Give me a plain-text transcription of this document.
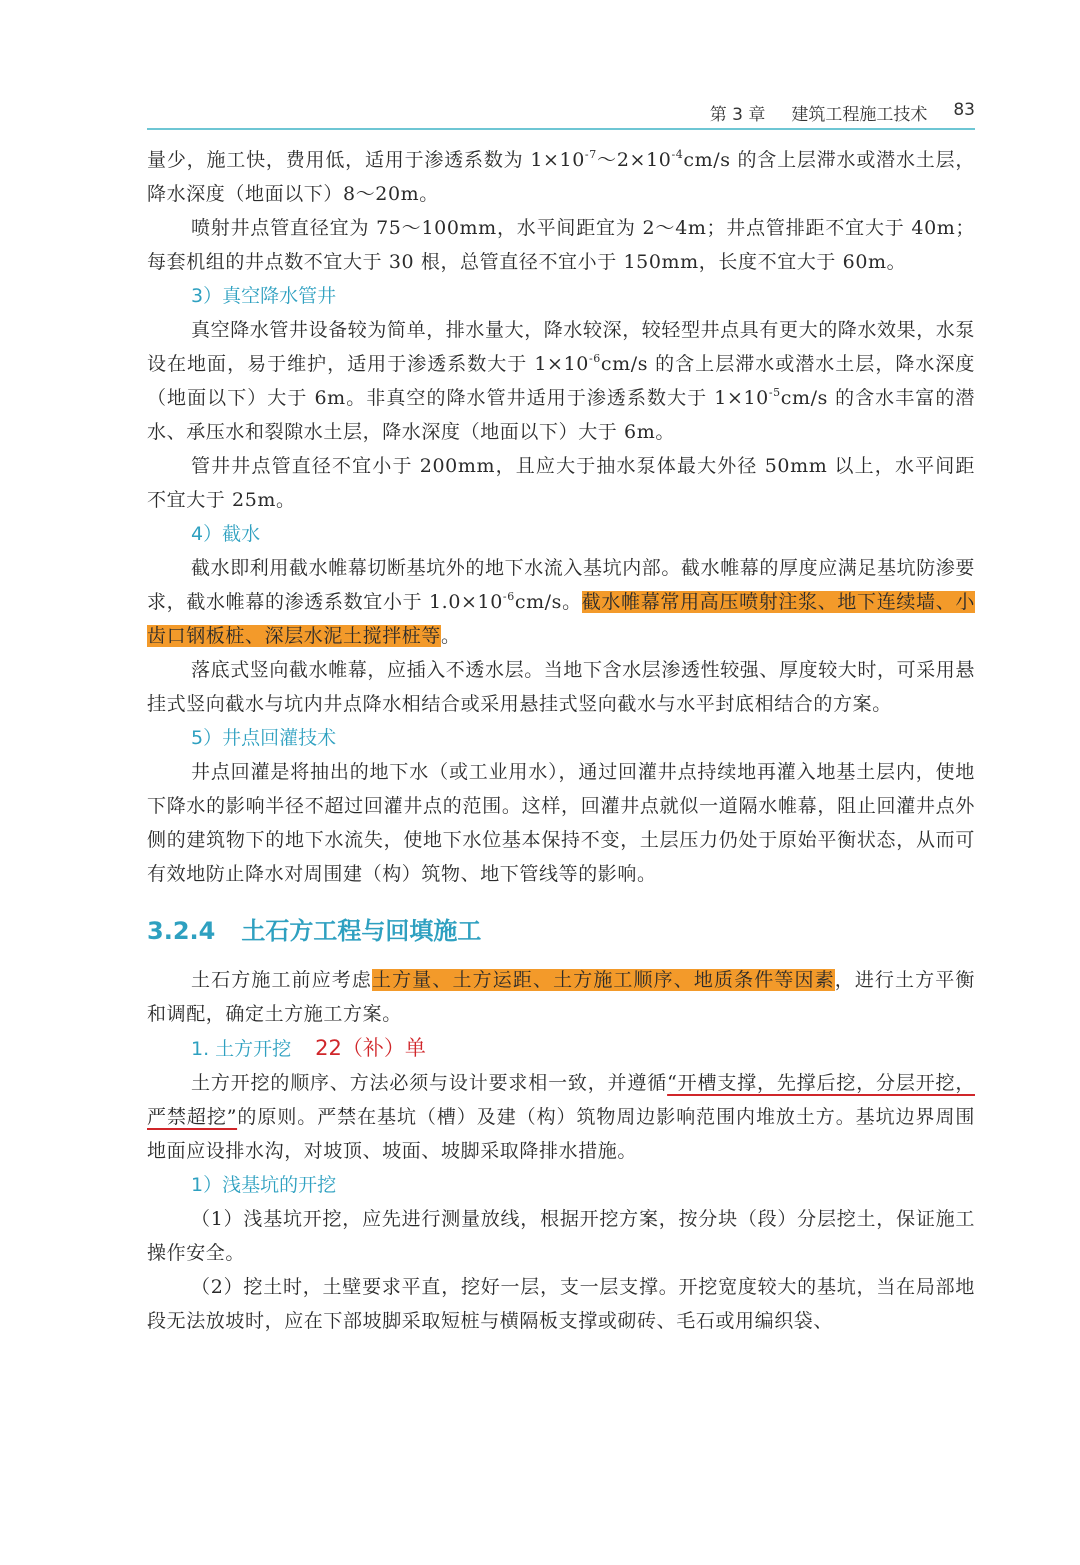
第 3 章 建筑工程施工技术 83

量少，施工快，费用低，适用于渗透系数为 $1\times 10^{-7}\sim 2\times 10^{-4}cm/s$ 的含上层滞水或潜水土层，降水深度（地面以下）8～20m。

喷射井点管直径宜为 75～100mm，水平间距宜为 2～4m；井点管排距不宜大于 40m；每套机组的井点数不宜大于 30 根，总管直径不宜小于 150mm，长度不宜大于 60m。

3）真空降水管井

真空降水管井设备较为简单，排水量大，降水较深，较轻型井点具有更大的降水效果，水泵设在地面，易于维护，适用于渗透系数大于 $1\times 10^{-6}cm/s$ 的含上层滞水或潜水土层，降水深度（地面以下）大于 6m。非真空的降水管井适用于渗透系数大于 $1\times 10^{-5}cm/s$ 的含水丰富的潜水、承压水和裂隙水土层，降水深度（地面以下）大于 6m。

管井井点管直径不宜小于 200mm，且应大于抽水泵体最大外径 50mm 以上，水平间距不宜大于 25m。

4）截水

截水即利用截水帷幕切断基坑外的地下水流入基坑内部。截水帷幕的厚度应满足基坑防渗要求，截水帷幕的渗透系数宜小于 $1.0\times 10^{-6}cm/s$。截水帷幕常用高压喷射注浆、地下连续墙、小齿口钢板桩、深层水泥土搅拌桩等。

落底式竖向截水帷幕，应插入不透水层。当地下含水层渗透性较强、厚度较大时，可采用悬挂式竖向截水与坑内井点降水相结合或采用悬挂式竖向截水与水平封底相结合的方案。

5）井点回灌技术

井点回灌是将抽出的地下水（或工业用水），通过回灌井点持续地再灌入地基土层内，使地下降水的影响半径不超过回灌井点的范围。这样，回灌井点就似一道隔水帷幕，阻止回灌井点外侧的建筑物下的地下水流失，使地下水位基本保持不变，土层压力仍处于原始平衡状态，从而可有效地防止降水对周围建（构）筑物、地下管线等的影响。

3.2.4 土石方工程与回填施工

土石方施工前应考虑土方量、土方运距、土方施工顺序、地质条件等因素，进行土方平衡和调配，确定土方施工方案。

1. 土方开挖 22（补）单

土方开挖的顺序、方法必须与设计要求相一致，并遵循“开槽支撑，先撑后挖，分层开挖，严禁超挖”的原则。严禁在基坑（槽）及建（构）筑物周边影响范围内堆放土方。基坑边界周围地面应设排水沟，对坡顶、坡面、坡脚采取降排水措施。

1）浅基坑的开挖

（1）浅基坑开挖，应先进行测量放线，根据开挖方案，按分块（段）分层挖土，保证施工操作安全。

（2）挖土时，土壁要求平直，挖好一层，支一层支撑。开挖宽度较大的基坑，当在局部地段无法放坡时，应在下部坡脚采取短桩与横隔板支撑或砌砖、毛石或用编织袋、
